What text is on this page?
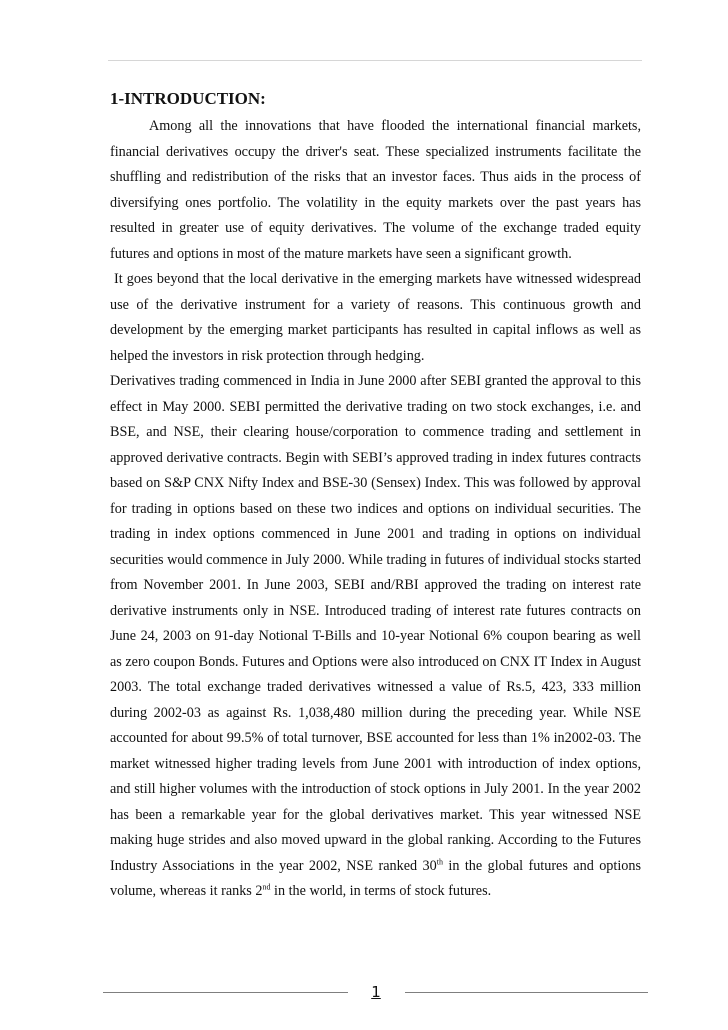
1-INTRODUCTION:

Among all the innovations that have flooded the international financial markets, financial derivatives occupy the driver's seat. These specialized instruments facilitate the shuffling and redistribution of the risks that an investor faces. Thus aids in the process of diversifying ones portfolio. The volatility in the equity markets over the past years has resulted in greater use of equity derivatives. The volume of the exchange traded equity futures and options in most of the mature markets have seen a significant growth.

It goes beyond that the local derivative in the emerging markets have witnessed widespread use of the derivative instrument for a variety of reasons. This continuous growth and development by the emerging market participants has resulted in capital inflows as well as helped the investors in risk protection through hedging.

Derivatives trading commenced in India in June 2000 after SEBI granted the approval to this effect in May 2000. SEBI permitted the derivative trading on two stock exchanges, i.e. and BSE, and NSE, their clearing house/corporation to commence trading and settlement in approved derivative contracts. Begin with SEBI’s approved trading in index futures contracts based on S&P CNX Nifty Index and BSE-30 (Sensex) Index. This was followed by approval for trading in options based on these two indices and options on individual securities. The trading in index options commenced in June 2001 and trading in options on individual securities would commence in July 2000. While trading in futures of individual stocks started from November 2001. In June 2003, SEBI and/RBI approved the trading on interest rate derivative instruments only in NSE. Introduced trading of interest rate futures contracts on June 24, 2003 on 91-day Notional T-Bills and 10-year Notional 6% coupon bearing as well as zero coupon Bonds. Futures and Options were also introduced on CNX IT Index in August 2003. The total exchange traded derivatives witnessed a value of Rs.5, 423, 333 million during 2002-03 as against Rs. 1,038,480 million during the preceding year. While NSE accounted for about 99.5% of total turnover, BSE accounted for less than 1% in2002-03. The market witnessed higher trading levels from June 2001 with introduction of index options, and still higher volumes with the introduction of stock options in July 2001. In the year 2002 has been a remarkable year for the global derivatives market. This year witnessed NSE making huge strides and also moved upward in the global ranking. According to the Futures Industry Associations in the year 2002, NSE ranked 30th in the global futures and options volume, whereas it ranks 2nd in the world, in terms of stock futures.

1
